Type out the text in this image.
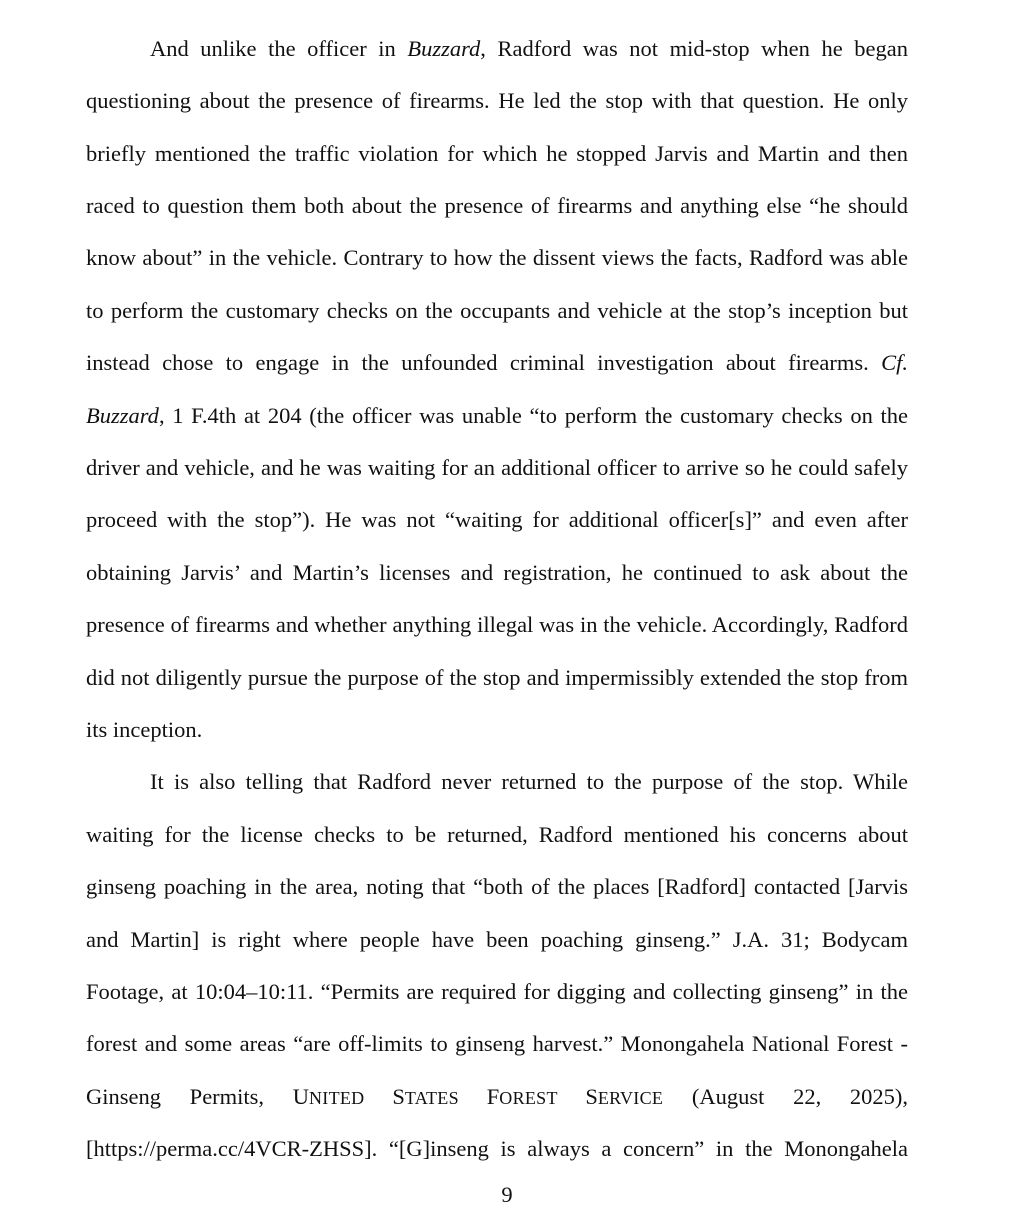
And unlike the officer in Buzzard, Radford was not mid-stop when he began
questioning about the presence of firearms. He led the stop with that question. He only
briefly mentioned the traffic violation for which he stopped Jarvis and Martin and then
raced to question them both about the presence of firearms and anything else “he should
know about” in the vehicle. Contrary to how the dissent views the facts, Radford was able
to perform the customary checks on the occupants and vehicle at the stop’s inception but
instead chose to engage in the unfounded criminal investigation about firearms. Cf.
Buzzard, 1 F.4th at 204 (the officer was unable “to perform the customary checks on the
driver and vehicle, and he was waiting for an additional officer to arrive so he could safely
proceed with the stop”). He was not “waiting for additional officer[s]” and even after
obtaining Jarvis’ and Martin’s licenses and registration, he continued to ask about the
presence of firearms and whether anything illegal was in the vehicle. Accordingly, Radford
did not diligently pursue the purpose of the stop and impermissibly extended the stop from
its inception.
It is also telling that Radford never returned to the purpose of the stop. While
waiting for the license checks to be returned, Radford mentioned his concerns about
ginseng poaching in the area, noting that “both of the places [Radford] contacted [Jarvis
and Martin] is right where people have been poaching ginseng.” J.A. 31; Bodycam
Footage, at 10:04–10:11. “Permits are required for digging and collecting ginseng” in the
forest and some areas “are off-limits to ginseng harvest.” Monongahela National Forest -
Ginseng Permits, UNITED STATES FOREST SERVICE (August 22, 2025),
[https://perma.cc/4VCR-ZHSS]. “[G]inseng is always a concern” in the Monongahela
9
